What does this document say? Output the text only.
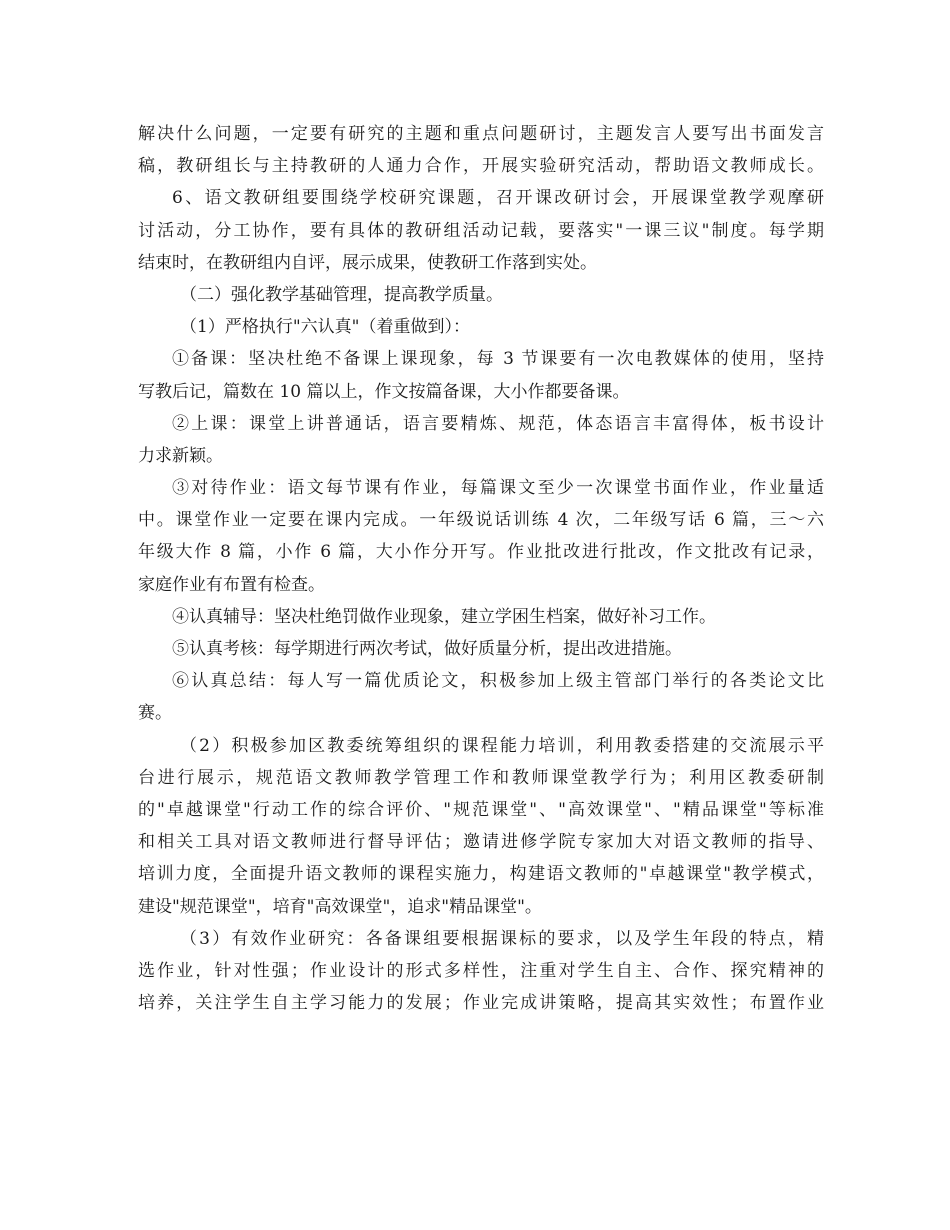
解决什么问题，一定要有研究的主题和重点问题研讨，主题发言人要写出书面发言
稿，教研组长与主持教研的人通力合作，开展实验研究活动，帮助语文教师成长。
6、语文教研组要围绕学校研究课题，召开课改研讨会，开展课堂教学观摩研
讨活动，分工协作，要有具体的教研组活动记载，要落实"一课三议"制度。每学期
结束时，在教研组内自评，展示成果，使教研工作落到实处。
（二）强化教学基础管理，提高教学质量。
（1）严格执行"六认真"（着重做到）：
①备课：坚决杜绝不备课上课现象，每 3 节课要有一次电教媒体的使用，坚持
写教后记，篇数在 10 篇以上，作文按篇备课，大小作都要备课。
②上课：课堂上讲普通话，语言要精炼、规范，体态语言丰富得体，板书设计
力求新颖。
③对待作业：语文每节课有作业，每篇课文至少一次课堂书面作业，作业量适
中。课堂作业一定要在课内完成。一年级说话训练 4 次，二年级写话 6 篇，三～六
年级大作 8 篇，小作 6 篇，大小作分开写。作业批改进行批改，作文批改有记录，
家庭作业有布置有检查。
④认真辅导：坚决杜绝罚做作业现象，建立学困生档案，做好补习工作。
⑤认真考核：每学期进行两次考试，做好质量分析，提出改进措施。
⑥认真总结：每人写一篇优质论文，积极参加上级主管部门举行的各类论文比
赛。
（2）积极参加区教委统筹组织的课程能力培训，利用教委搭建的交流展示平
台进行展示，规范语文教师教学管理工作和教师课堂教学行为；利用区教委研制
的"卓越课堂"行动工作的综合评价、"规范课堂"、"高效课堂"、"精品课堂"等标准
和相关工具对语文教师进行督导评估；邀请进修学院专家加大对语文教师的指导、
培训力度，全面提升语文教师的课程实施力，构建语文教师的"卓越课堂"教学模式，
建设"规范课堂"，培育"高效课堂"，追求"精品课堂"。
（3）有效作业研究：各备课组要根据课标的要求，以及学生年段的特点，精
选作业，针对性强；作业设计的形式多样性，注重对学生自主、合作、探究精神的
培养，关注学生自主学习能力的发展；作业完成讲策略，提高其实效性；布置作业
